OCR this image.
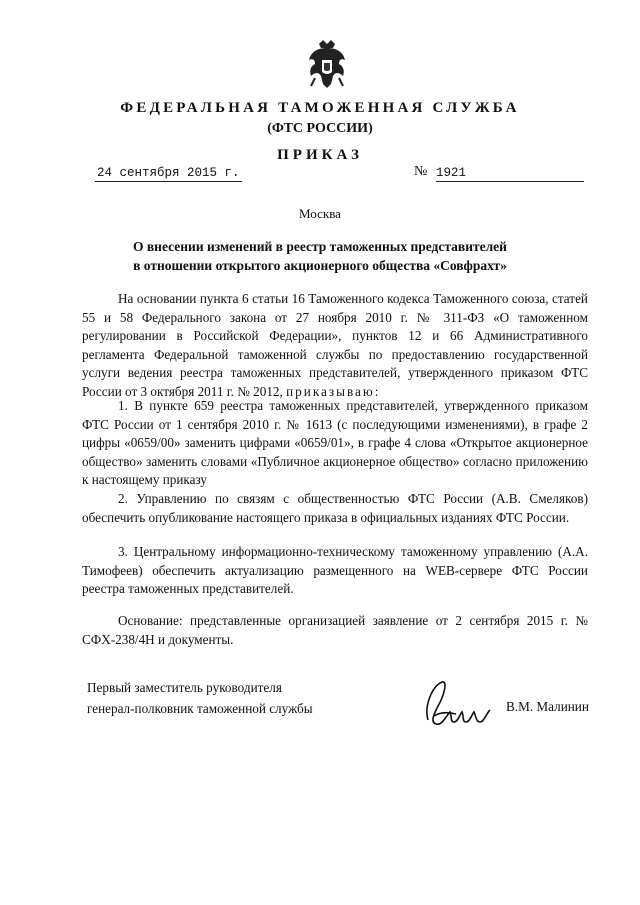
ФЕДЕРАЛЬНАЯ ТАМОЖЕННАЯ СЛУЖБА
(ФТС РОССИИ)
ПРИКАЗ
24 сентября 2015 г.	№ 1921
Москва
О внесении изменений в реестр таможенных представителей
в отношении открытого акционерного общества «Совфрахт»
На основании пункта 6 статьи 16 Таможенного кодекса Таможенного союза, статей 55 и 58 Федерального закона от 27 ноября 2010 г. № 311-ФЗ «О таможенном регулировании в Российской Федерации», пунктов 12 и 66 Административного регламента Федеральной таможенной службы по предоставлению государственной услуги ведения реестра таможенных представителей, утвержденного приказом ФТС России от 3 октября 2011 г. № 2012, приказываю:
1. В пункте 659 реестра таможенных представителей, утвержденного приказом ФТС России от 1 сентября 2010 г. № 1613 (с последующими изменениями), в графе 2 цифры «0659/00» заменить цифрами «0659/01», в графе 4 слова «Открытое акционерное общество» заменить словами «Публичное акционерное общество» согласно приложению к настоящему приказу
2. Управлению по связям с общественностью ФТС России (А.В. Смеляков) обеспечить опубликование настоящего приказа в официальных изданиях ФТС России.
3. Центральному информационно-техническому таможенному управлению (А.А. Тимофеев) обеспечить актуализацию размещенного на WEB-сервере ФТС России реестра таможенных представителей.
Основание: представленные организацией заявление от 2 сентября 2015 г. № СФХ-238/4Н и документы.
Первый заместитель руководителя
генерал-полковник таможенной службы	В.М. Малинин
